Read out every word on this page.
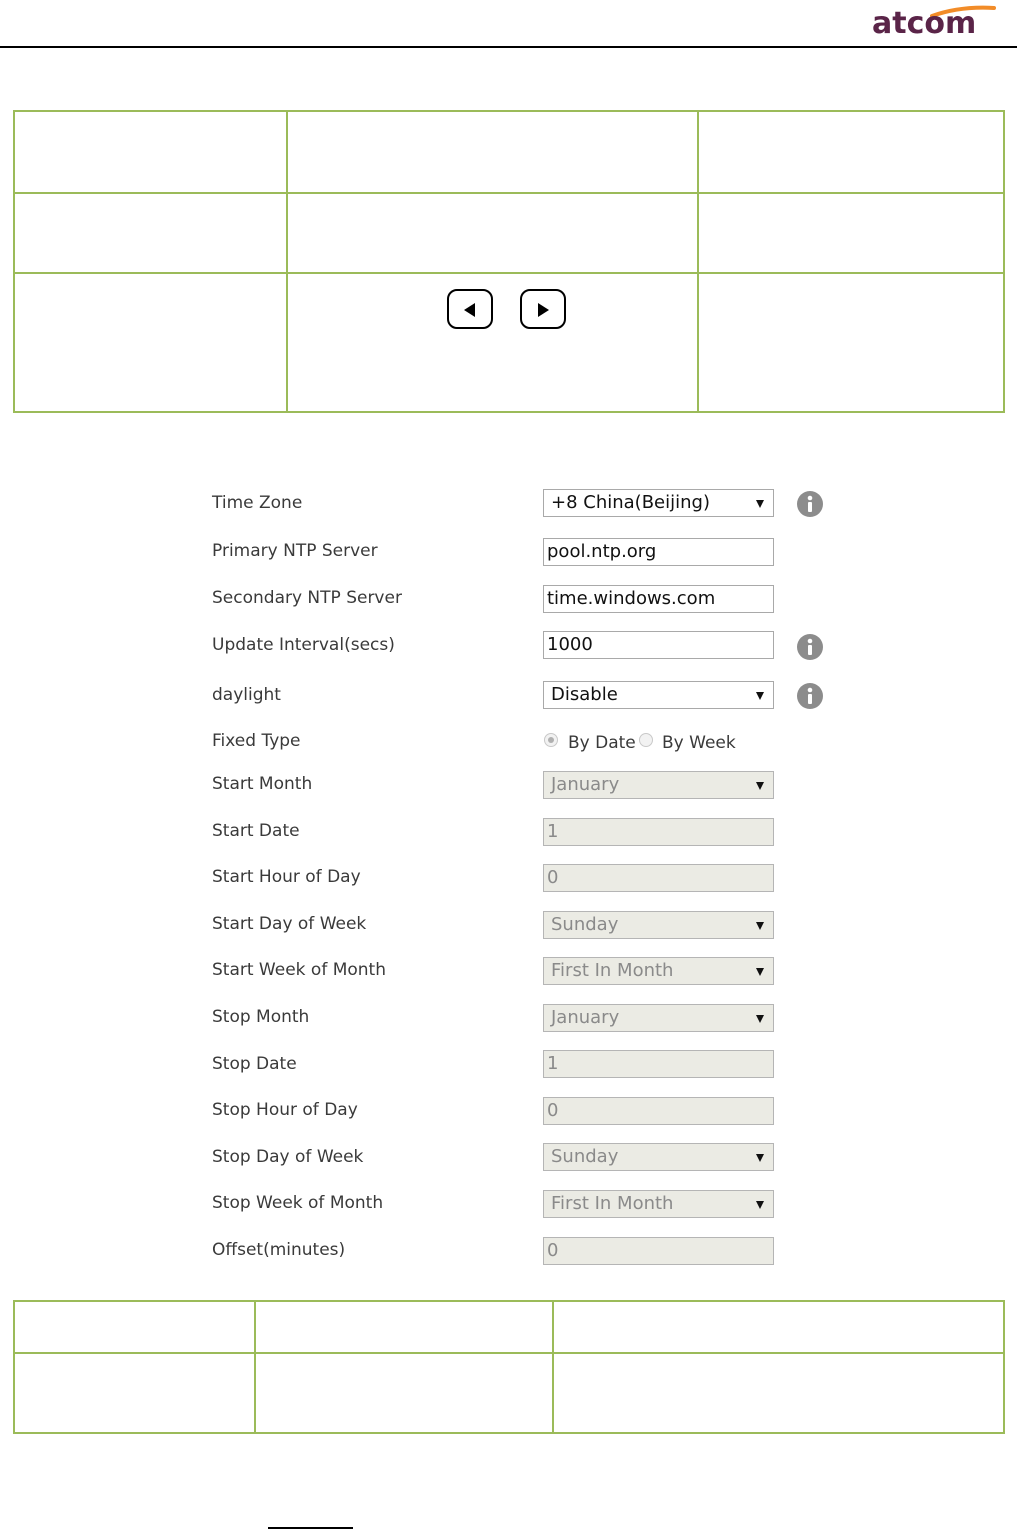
atcom

Time Zone	+8 China(Beijing)
Primary NTP Server	pool.ntp.org
Secondary NTP Server	time.windows.com
Update Interval(secs)	1000
daylight	Disable
Fixed Type	By Date By Week
Start Month	January
Start Date	1
Start Hour of Day	0
Start Day of Week	Sunday
Start Week of Month	First In Month
Stop Month	January
Stop Date	1
Stop Hour of Day	0
Stop Day of Week	Sunday
Stop Week of Month	First In Month
Offset(minutes)	0
